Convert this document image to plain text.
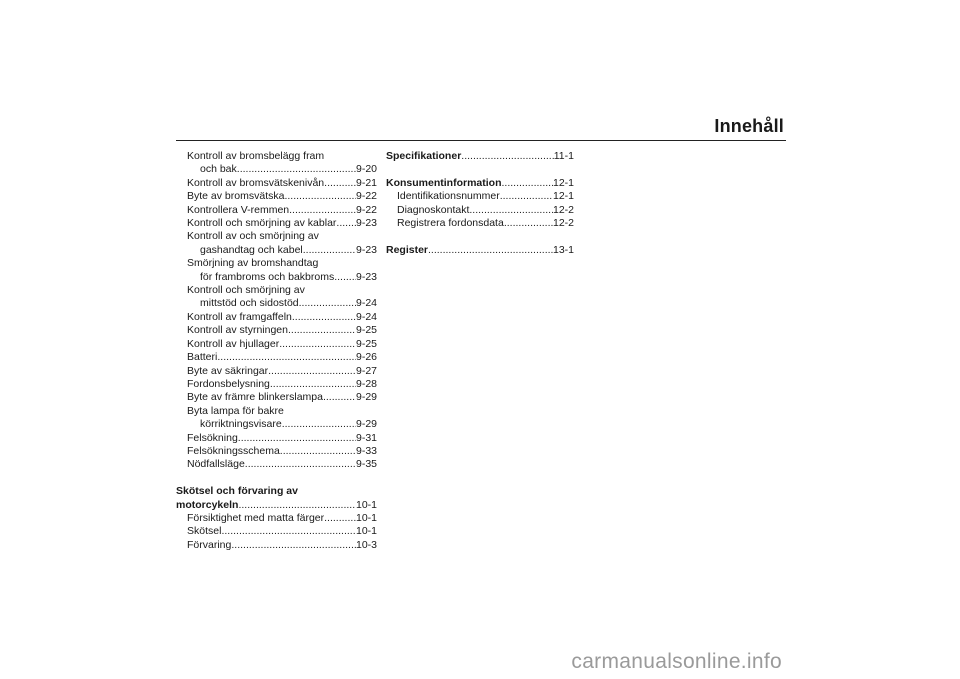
Innehåll
Kontroll av bromsbelägg fram
och bak .....	9-20
Kontroll av bromsvätskenivån .....	9-21
Byte av bromsvätska .....	9-22
Kontrollera V-remmen .....	9-22
Kontroll och smörjning av kablar ..... 9-23
Kontroll av och smörjning av
gashandtag och kabel .....	9-23
Smörjning av bromshandtag
för frambroms och bakbroms ..... 9-23
Kontroll och smörjning av
mittstöd och sidostöd .....	9-24
Kontroll av framgaffeln .....	9-24
Kontroll av styrningen .....	9-25
Kontroll av hjullager .....	9-25
Batteri .....	9-26
Byte av säkringar .....	9-27
Fordonsbelysning .....	9-28
Byte av främre blinkerslampa .....	9-29
Byta lampa för bakre
körriktningsvisare .....	9-29
Felsökning .....	9-31
Felsökningsschema .....	9-33
Nödfallsläge .....	9-35
Skötsel och förvaring av
motorcykeln .....	10-1
Försiktighet med matta färger .....	10-1
Skötsel .....	10-1
Förvaring .....	10-3
Specifikationer .....	11-1
Konsumentinformation .....	12-1
Identifikationsnummer .....	12-1
Diagnoskontakt .....	12-2
Registrera fordonsdata .....	12-2
Register .....	13-1
carmanualsonline.info
